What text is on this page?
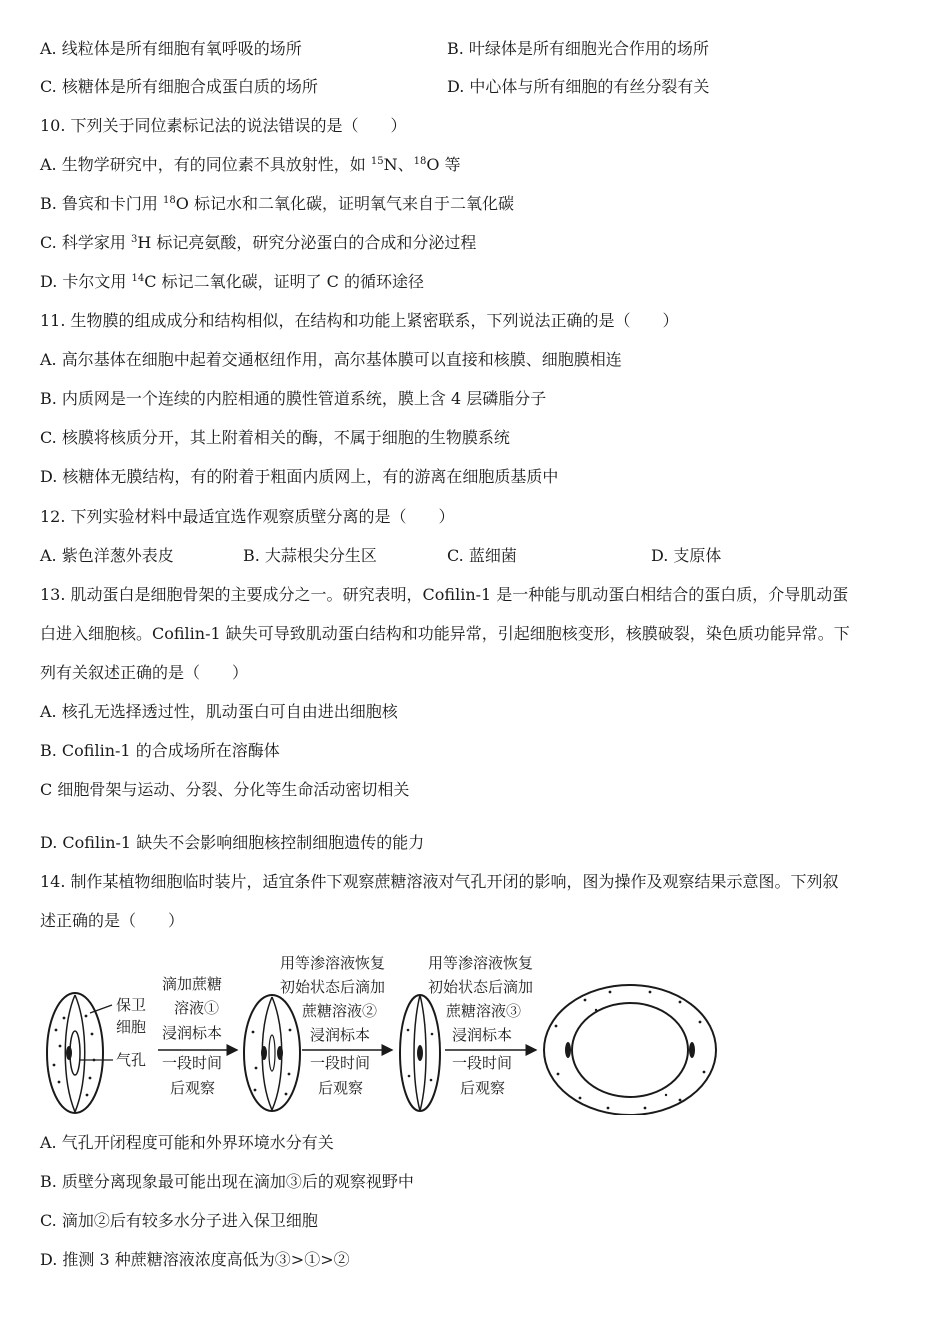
A. 线粒体是所有细胞有氧呼吸的场所	B. 叶绿体是所有细胞光合作用的场所
C. 核糖体是所有细胞合成蛋白质的场所	D. 中心体与所有细胞的有丝分裂有关
10. 下列关于同位素标记法的说法错误的是（　　）
A. 生物学研究中，有的同位素不具放射性，如 $^{15}$N、$^{18}$O 等
B. 鲁宾和卡门用 $^{18}$O 标记水和二氧化碳，证明氧气来自于二氧化碳
C. 科学家用 $^3$H 标记亮氨酸，研究分泌蛋白的合成和分泌过程
D. 卡尔文用 $^{14}$C 标记二氧化碳，证明了 C 的循环途径
11. 生物膜的组成成分和结构相似，在结构和功能上紧密联系，下列说法正确的是（　　）
A. 高尔基体在细胞中起着交通枢纽作用，高尔基体膜可以直接和核膜、细胞膜相连
B. 内质网是一个连续的内腔相通的膜性管道系统，膜上含 4 层磷脂分子
C. 核膜将核质分开，其上附着相关的酶，不属于细胞的生物膜系统
D. 核糖体无膜结构，有的附着于粗面内质网上，有的游离在细胞质基质中
12. 下列实验材料中最适宜选作观察质壁分离的是（　　）
A. 紫色洋葱外表皮	B. 大蒜根尖分生区	C. 蓝细菌	D. 支原体
13. 肌动蛋白是细胞骨架的主要成分之一。研究表明，Cofilin-1 是一种能与肌动蛋白相结合的蛋白质，介导肌动蛋
白进入细胞核。Cofilin-1 缺失可导致肌动蛋白结构和功能异常，引起细胞核变形，核膜破裂，染色质功能异常。下
列有关叙述正确的是（　　）
A. 核孔无选择透过性，肌动蛋白可自由进出细胞核
B. Cofilin-1 的合成场所在溶酶体
C 细胞骨架与运动、分裂、分化等生命活动密切相关
D. Cofilin-1 缺失不会影响细胞核控制细胞遗传的能力
14. 制作某植物细胞临时装片，适宜条件下观察蔗糖溶液对气孔开闭的影响，图为操作及观察结果示意图。下列叙
述正确的是（　　）
保卫
细胞
气孔
滴加蔗糖
溶液①
浸润标本
一段时间
后观察
用等渗溶液恢复
初始状态后滴加
蔗糖溶液②
浸润标本
一段时间
后观察
用等渗溶液恢复
初始状态后滴加
蔗糖溶液③
浸润标本
一段时间
后观察
A. 气孔开闭程度可能和外界环境水分有关
B. 质壁分离现象最可能出现在滴加③后的观察视野中
C. 滴加②后有较多水分子进入保卫细胞
D. 推测 3 种蔗糖溶液浓度高低为③>①>②
